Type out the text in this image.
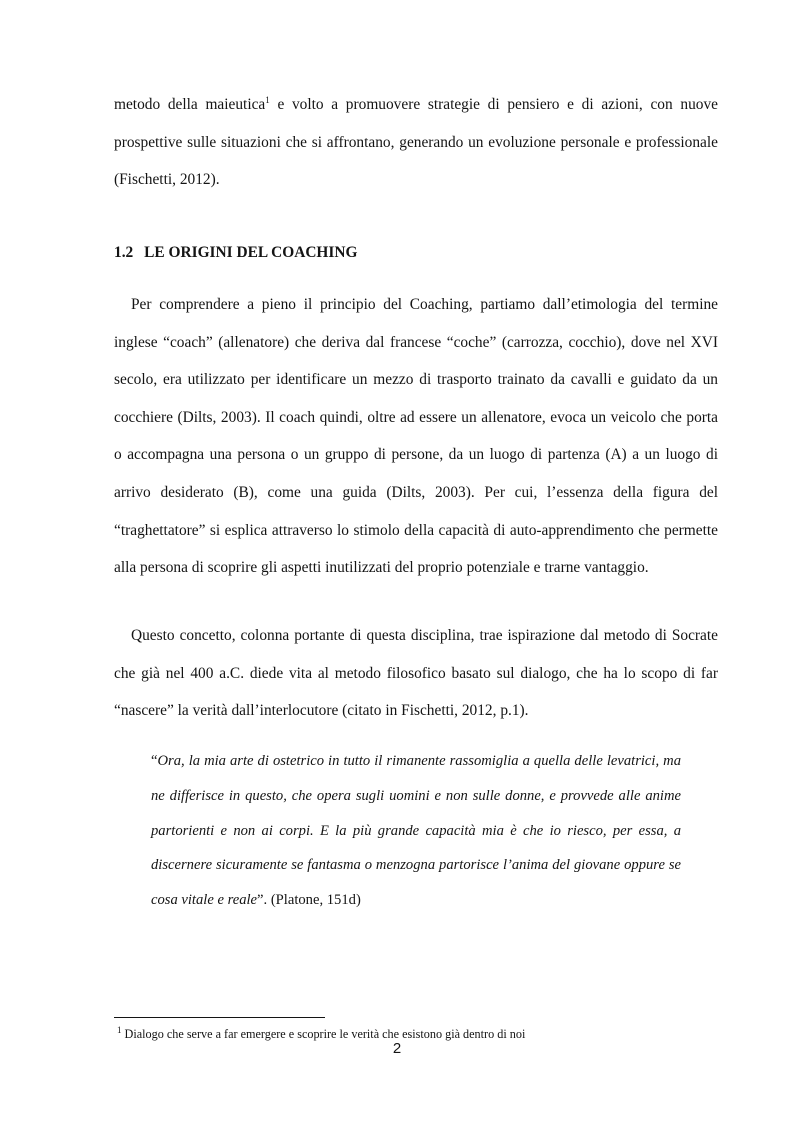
metodo della maieutica$^1$ e volto a promuovere strategie di pensiero e di azioni, con nuove prospettive sulle situazioni che si affrontano, generando un evoluzione personale e professionale (Fischetti, 2012).

1.2 LE ORIGINI DEL COACHING

Per comprendere a pieno il principio del Coaching, partiamo dall’etimologia del termine inglese “coach” (allenatore) che deriva dal francese “coche” (carrozza, cocchio), dove nel XVI secolo, era utilizzato per identificare un mezzo di trasporto trainato da cavalli e guidato da un cocchiere (Dilts, 2003). Il coach quindi, oltre ad essere un allenatore, evoca un veicolo che porta o accompagna una persona o un gruppo di persone, da un luogo di partenza (A) a un luogo di arrivo desiderato (B), come una guida (Dilts, 2003). Per cui, l’essenza della figura del “traghettatore” si esplica attraverso lo stimolo della capacità di auto-apprendimento che permette alla persona di scoprire gli aspetti inutilizzati del proprio potenziale e trarne vantaggio.

Questo concetto, colonna portante di questa disciplina, trae ispirazione dal metodo di Socrate che già nel 400 a.C. diede vita al metodo filosofico basato sul dialogo, che ha lo scopo di far “nascere” la verità dall’interlocutore (citato in Fischetti, 2012, p.1).

“Ora, la mia arte di ostetrico in tutto il rimanente rassomiglia a quella delle levatrici, ma ne differisce in questo, che opera sugli uomini e non sulle donne, e provvede alle anime partorienti e non ai corpi. E la più grande capacità mia è che io riesco, per essa, a discernere sicuramente se fantasma o menzogna partorisce l’anima del giovane oppure se cosa vitale e reale”. (Platone, 151d)

$^1$ Dialogo che serve a far emergere e scoprire le verità che esistono già dentro di noi

2
